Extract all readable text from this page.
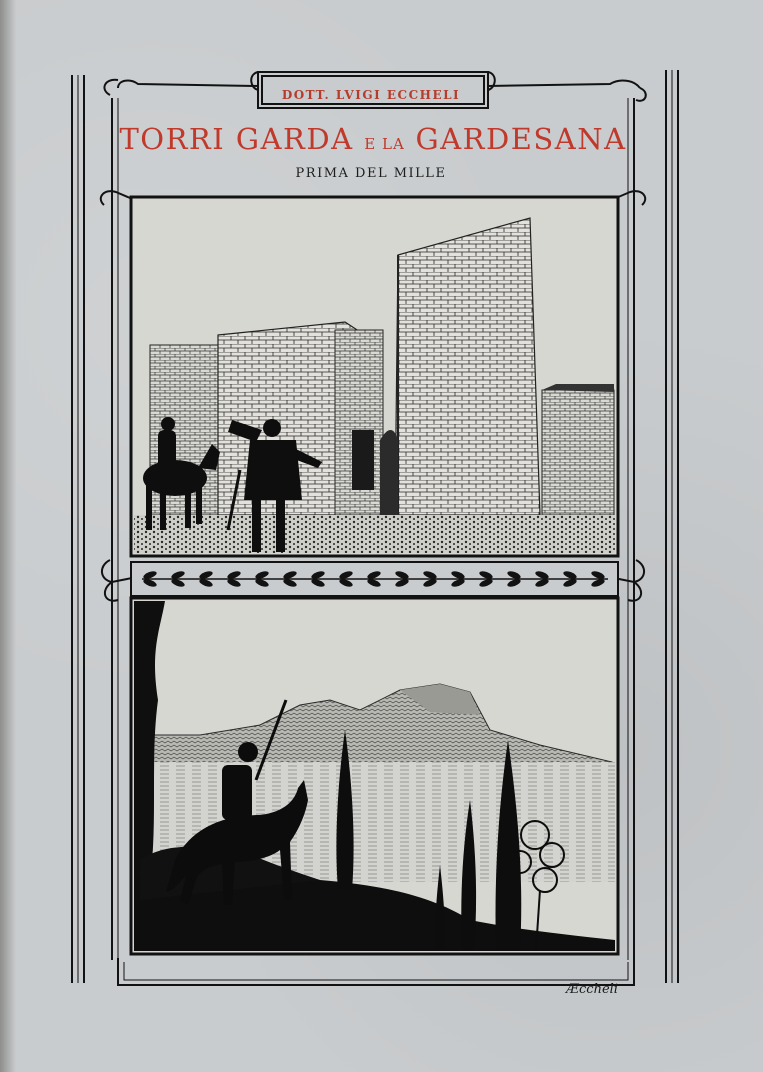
DOTT. LVIGI ECCHELI
TORRI GARDA E LA GARDESANA
PRIMA DEL MILLE
Æccheli
